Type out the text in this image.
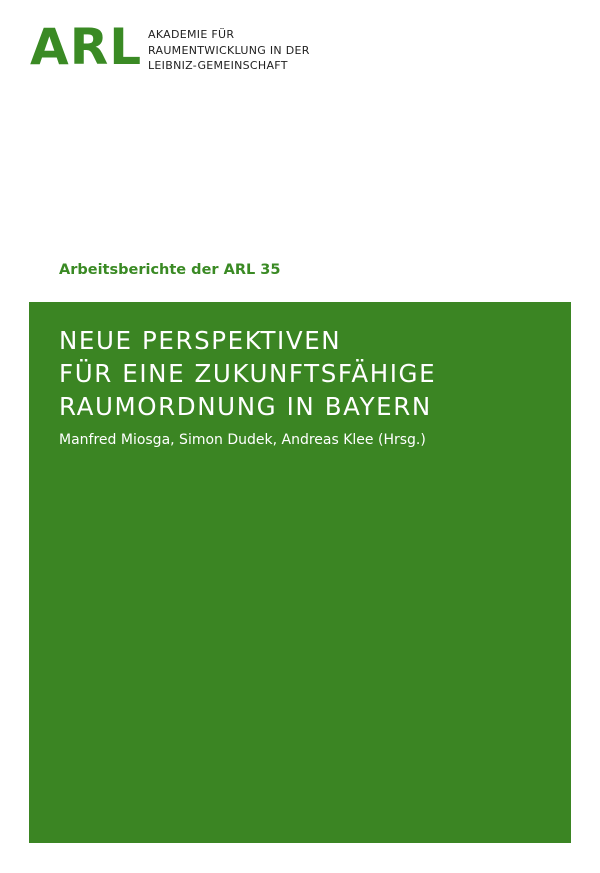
ARL AKADEMIE FÜR
RAUMENTWICKLUNG IN DER
LEIBNIZ-GEMEINSCHAFT
Arbeitsberichte der ARL 35
NEUE PERSPEKTIVEN
FÜR EINE ZUKUNFTSFÄHIGE
RAUMORDNUNG IN BAYERN
Manfred Miosga, Simon Dudek, Andreas Klee (Hrsg.)
